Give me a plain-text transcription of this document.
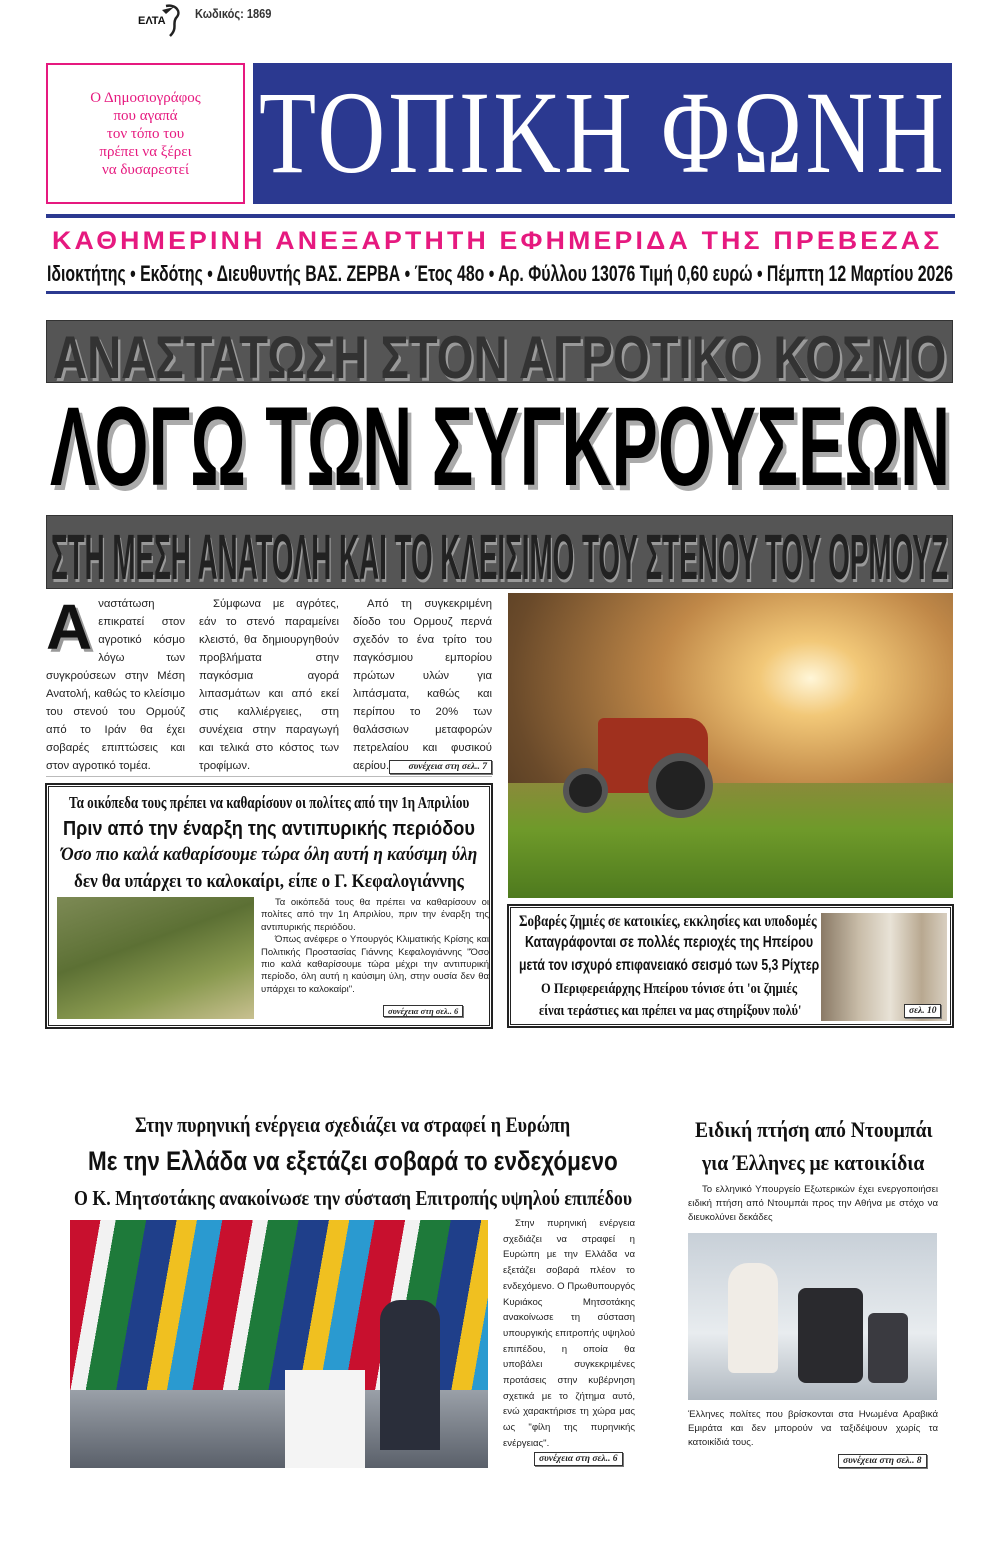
ΕΛΤΑ Κωδικός: 1869
Ο Δημοσιογράφος
που αγαπά
τον τόπο του
πρέπει να ξέρει
να δυσαρεστεί ΤΟΠΙΚΗ ΦΩΝΗ
ΚΑΘΗΜΕΡΙΝΗ ΑΝΕΞΑΡΤΗΤΗ ΕΦΗΜΕΡΙΔΑ ΤΗΣ ΠΡΕΒΕΖΑΣ
Ιδιοκτήτης • Εκδότης • Διευθυντής ΒΑΣ. ΖΕΡΒΑ • Έτος 48ο • Αρ. Φύλλου 13076 Τιμή 0,60 ευρώ • Πέμπτη 12 Μαρτίου 2026
ΑΝΑΣΤΑΤΩΣΗ ΣΤΟΝ ΑΓΡΟΤΙΚΟ ΚΟΣΜΟ
ΛΟΓΩ ΤΩΝ ΣΥΓΚΡΟΥΣΕΩΝ
ΣΤΗ ΜΕΣΗ ΑΝΑΤΟΛΗ ΚΑΙ ΤΟ ΚΛΕΙΣΙΜΟ ΤΟΥ ΣΤΕΝΟΥ ΤΟΥ ΟΡΜΟΥΖ
Αναστάτωση επικρατεί στον αγροτικό κόσμο λόγω των συγκρούσεων στην Μέση Ανατολή, καθώς το κλείσιμο του στενού του Ορμούζ από το Ιράν θα έχει σοβαρές επιπτώσεις και στον αγροτικό τομέα.
Σύμφωνα με αγρότες, εάν το στενό παραμείνει κλειστό, θα δημιουργηθούν προβλήματα στην παγκόσμια αγορά λιπασμάτων και από εκεί στις καλλιέργειες, στη συνέχεια στην παραγωγή και τελικά στο κόστος των τροφίμων.
Από τη συγκεκριμένη δίοδο του Ορμουζ περνά σχεδόν το ένα τρίτο του παγκόσμιου εμπορίου πρώτων υλών για λιπάσματα, καθώς και περίπου το 20% των θαλάσσιων μεταφορών πετρελαίου και φυσικού αερίου.	συνέχεια στη σελ.. 7
Τα οικόπεδα τους πρέπει να καθαρίσουν οι πολίτες από την 1η Απριλίου
Πριν από την έναρξη της αντιπυρικής περιόδου
Όσο πιο καλά καθαρίσουμε τώρα όλη αυτή η καύσιμη ύλη
δεν θα υπάρχει το καλοκαίρι, είπε ο Γ. Κεφαλογιάννης
Τα οικόπεδά τους θα πρέπει να καθαρίσουν οι πολίτες από την 1η Απριλίου, πριν την έναρξη της αντιπυρικής περιόδου.
Όπως ανέφερε ο Υπουργός Κλιματικής Κρίσης και Πολιτικής Προστασίας Γιάννης Κεφαλογιάννης "Όσο πιο καλά καθαρίσουμε τώρα μέχρι την αντιπυρική περίοδο, όλη αυτή η καύσιμη ύλη, στην ουσία δεν θα υπάρχει το καλοκαίρι".
συνέχεια στη σελ.. 6
Σοβαρές ζημιές σε κατοικίες, εκκλησίες και υποδομές
Καταγράφονται σε πολλές περιοχές της Ηπείρου
μετά τον ισχυρό επιφανειακό σεισμό των 5,3 Ρίχτερ
Ο Περιφερειάρχης Ηπείρου τόνισε ότι 'οι ζημιές
είναι τεράστιες και πρέπει να μας στηρίξουν πολύ'	σελ. 10
Στην πυρηνική ενέργεια σχεδιάζει να στραφεί η Ευρώπη
Με την Ελλάδα να εξετάζει σοβαρά το ενδεχόμενο
Ο Κ. Μητσοτάκης ανακοίνωσε την σύσταση Επιτροπής υψηλού επιπέδου
Στην πυρηνική ενέργεια σχεδιάζει να στραφεί η Ευρώπη με την Ελλάδα να εξετάζει σοβαρά πλέον το ενδεχόμενο. Ο Πρωθυπουργός Κυριάκος Μητσοτάκης ανακοίνωσε τη σύσταση υπουργικής επιτροπής υψηλού επιπέδου, η οποία θα υποβάλει συγκεκριμένες προτάσεις στην κυβέρνηση σχετικά με το ζήτημα αυτό, ενώ χαρακτήρισε τη χώρα μας ως "φίλη της πυρηνικής ενέργειας".
συνέχεια στη σελ.. 6
Ειδική πτήση από Ντουμπάι
για Έλληνες με κατοικίδια
Το ελληνικό Υπουργείο Εξωτερικών έχει ενεργοποιήσει ειδική πτήση από Ντουμπάι προς την Αθήνα με στόχο να διευκολύνει δεκάδες
Έλληνες πολίτες που βρίσκονται στα Ηνωμένα Αραβικά Εμιράτα και δεν μπορούν να ταξιδέψουν χωρίς τα κατοικίδιά τους.
συνέχεια στη σελ.. 8
